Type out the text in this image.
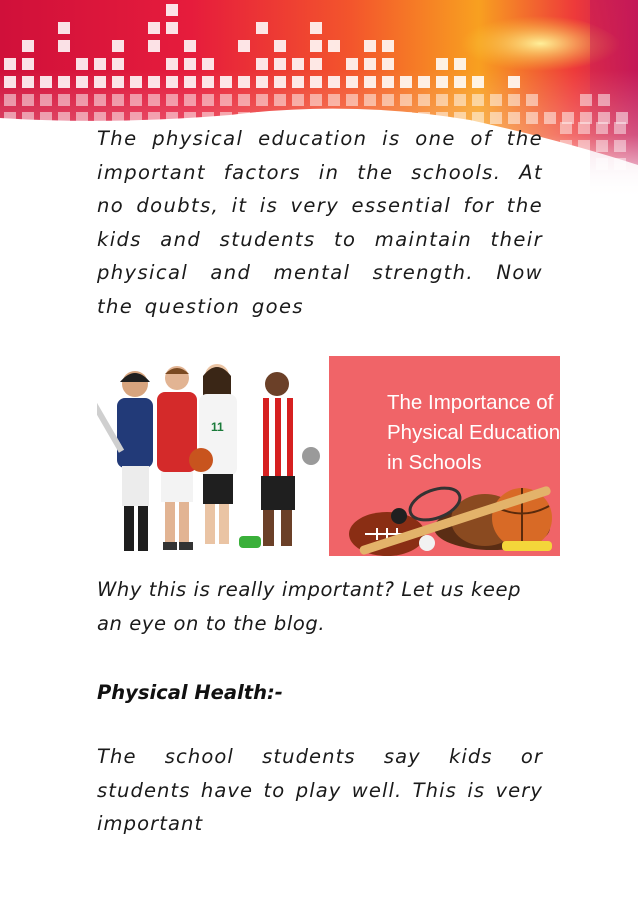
The physical education is one of the important factors in the schools. At no doubts, it is very essential for the kids and students to maintain their physical and mental strength. Now the question goes

11

The Importance of
Physical Education
in Schools

Why this is really important? Let us keep an eye on to the blog.

Physical Health:-

The school students say kids or students have to play well. This is very important
